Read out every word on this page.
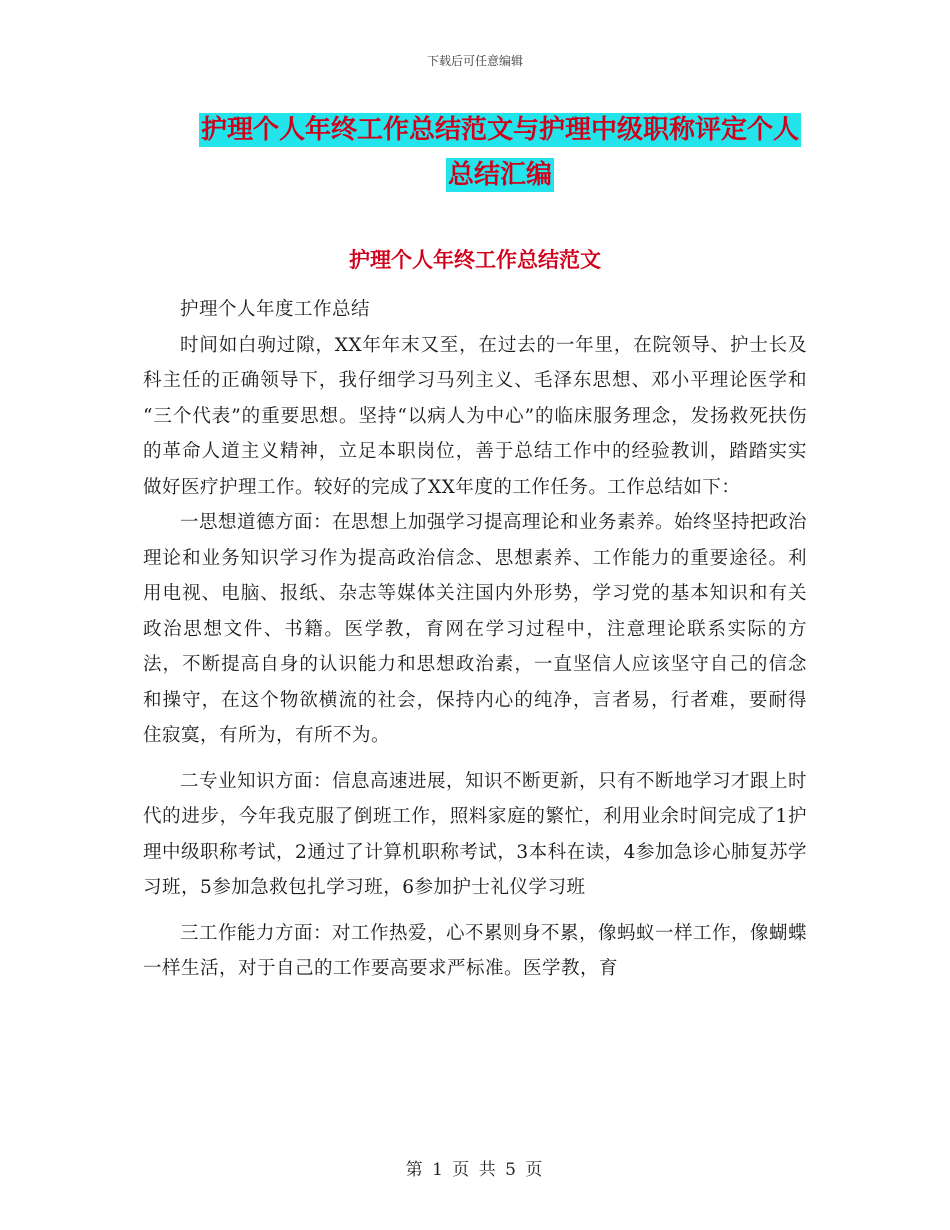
下载后可任意编辑
护理个人年终工作总结范文与护理中级职称评定个人
总结汇编
护理个人年终工作总结范文

护理个人年度工作总结

时间如白驹过隙，XX年年末又至，在过去的一年里，在院领导、护士长及科主任的正确领导下，我仔细学习马列主义、毛泽东思想、邓小平理论医学和 “三个代表”的重要思想。坚持“以病人为中心”的临床服务理念，发扬救死扶伤的革命人道主义精神，立足本职岗位，善于总结工作中的经验教训，踏踏实实做好医疗护理工作。较好的完成了XX年度的工作任务。工作总结如下：

一思想道德方面：在思想上加强学习提高理论和业务素养。始终坚持把政治理论和业务知识学习作为提高政治信念、思想素养、工作能力的重要途径。利用电视、电脑、报纸、杂志等媒体关注国内外形势，学习党的基本知识和有关政治思想文件、书籍。医学教，育网在学习过程中，注意理论联系实际的方法，不断提高自身的认识能力和思想政治素，一直坚信人应该坚守自己的信念和操守，在这个物欲横流的社会，保持内心的纯净，言者易，行者难，要耐得住寂寞，有所为，有所不为。

二专业知识方面：信息高速进展，知识不断更新，只有不断地学习才跟上时代的进步，今年我克服了倒班工作，照料家庭的繁忙，利用业余时间完成了1护理中级职称考试，2通过了计算机职称考试，3本科在读，4参加急诊心肺复苏学习班，5参加急救包扎学习班，6参加护士礼仪学习班

三工作能力方面：对工作热爱，心不累则身不累，像蚂蚁一样工作，像蝴蝶一样生活，对于自己的工作要高要求严标准。医学教，育

第 1 页 共 5 页
